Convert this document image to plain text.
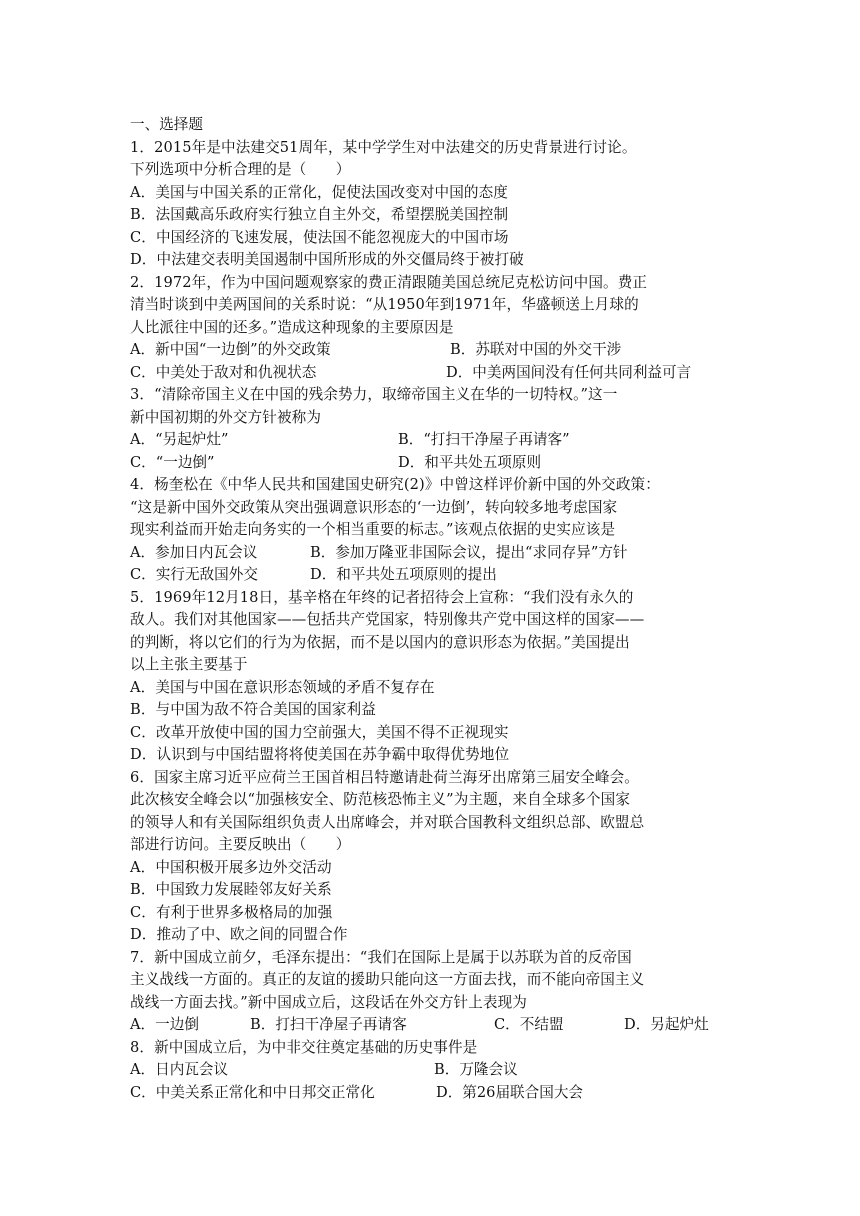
一、选择题
1．2015年是中法建交51周年，某中学学生对中法建交的历史背景进行讨论。
下列选项中分析合理的是（　　）
A．美国与中国关系的正常化，促使法国改变对中国的态度
B．法国戴高乐政府实行独立自主外交，希望摆脱美国控制
C．中国经济的飞速发展，使法国不能忽视庞大的中国市场
D．中法建交表明美国遏制中国所形成的外交僵局终于被打破
2．1972年，作为中国问题观察家的费正清跟随美国总统尼克松访问中国。费正
清当时谈到中美两国间的关系时说：“从1950年到1971年，华盛顿送上月球的
人比派往中国的还多。”造成这种现象的主要原因是
A．新中国“一边倒”的外交政策	B．苏联对中国的外交干涉
C．中美处于敌对和仇视状态	D．中美两国间没有任何共同利益可言
3．“清除帝国主义在中国的残余势力，取缔帝国主义在华的一切特权。”这一
新中国初期的外交方针被称为
A．“另起炉灶”	B．“打扫干净屋子再请客”
C．“一边倒”	D．和平共处五项原则
4．杨奎松在《中华人民共和国建国史研究(2)》中曾这样评价新中国的外交政策：
“这是新中国外交政策从突出强调意识形态的‘一边倒’，转向较多地考虑国家
现实利益而开始走向务实的一个相当重要的标志。”该观点依据的史实应该是
A．参加日内瓦会议	B．参加万隆亚非国际会议，提出“求同存异”方针
C．实行无敌国外交	D．和平共处五项原则的提出
5．1969年12月18日，基辛格在年终的记者招待会上宣称：“我们没有永久的
敌人。我们对其他国家——包括共产党国家，特别像共产党中国这样的国家——
的判断，将以它们的行为为依据，而不是以国内的意识形态为依据。”美国提出
以上主张主要基于
A．美国与中国在意识形态领域的矛盾不复存在
B．与中国为敌不符合美国的国家利益
C．改革开放使中国的国力空前强大，美国不得不正视现实
D．认识到与中国结盟将将使美国在苏争霸中取得优势地位
6．国家主席习近平应荷兰王国首相吕特邀请赴荷兰海牙出席第三届安全峰会。
此次核安全峰会以“加强核安全、防范核恐怖主义”为主题，来自全球多个国家
的领导人和有关国际组织负责人出席峰会，并对联合国教科文组织总部、欧盟总
部进行访问。主要反映出（　　）
A．中国积极开展多边外交活动
B．中国致力发展睦邻友好关系
C．有利于世界多极格局的加强
D．推动了中、欧之间的同盟合作
7．新中国成立前夕，毛泽东提出：“我们在国际上是属于以苏联为首的反帝国
主义战线一方面的。真正的友谊的援助只能向这一方面去找，而不能向帝国主义
战线一方面去找。”新中国成立后，这段话在外交方针上表现为
A．一边倒	B．打扫干净屋子再请客	C．不结盟	D．另起炉灶
8．新中国成立后，为中非交往奠定基础的历史事件是
A．日内瓦会议	B．万隆会议
C．中美关系正常化和中日邦交正常化	D．第26届联合国大会
